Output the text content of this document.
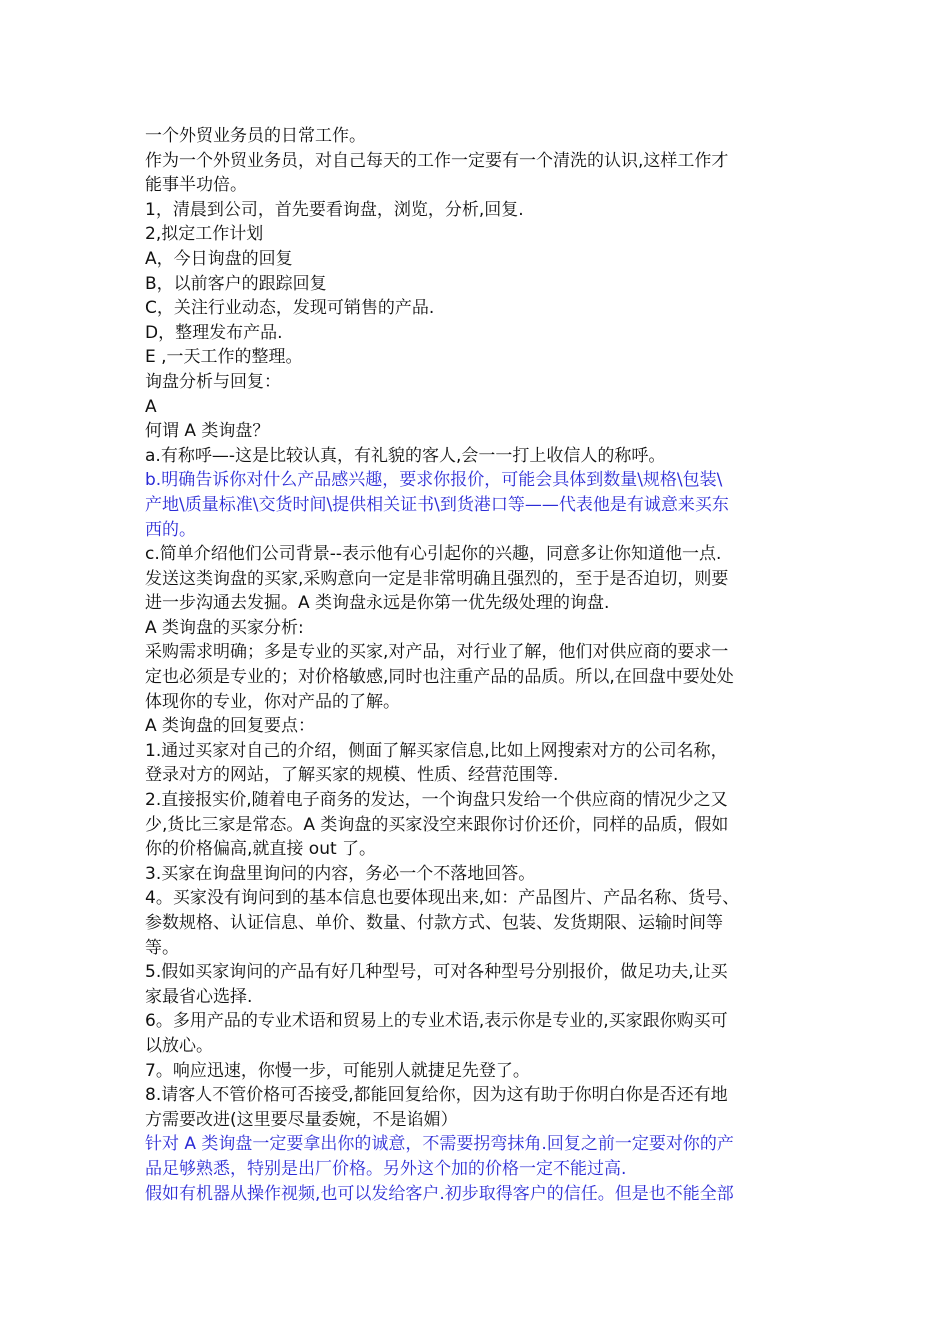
一个外贸业务员的日常工作。

作为一个外贸业务员，对自己每天的工作一定要有一个清洗的认识,这样工作才

能事半功倍。

1，清晨到公司，首先要看询盘，浏览，分析,回复.

2,拟定工作计划

A，今日询盘的回复

B，以前客户的跟踪回复

C，关注行业动态，发现可销售的产品.

D，整理发布产品.

E ,一天工作的整理。

询盘分析与回复：

A

何谓 A 类询盘？

a.有称呼—-这是比较认真，有礼貌的客人,会一一打上收信人的称呼。

b.明确告诉你对什么产品感兴趣，要求你报价，可能会具体到数量\规格\包装\

产地\质量标准\交货时间\提供相关证书\到货港口等——代表他是有诚意来买东

西的。

c.简单介绍他们公司背景--表示他有心引起你的兴趣，同意多让你知道他一点.

发送这类询盘的买家,采购意向一定是非常明确且强烈的，至于是否迫切，则要

进一步沟通去发掘。A 类询盘永远是你第一优先级处理的询盘.

A 类询盘的买家分析:

采购需求明确；多是专业的买家,对产品，对行业了解，他们对供应商的要求一

定也必须是专业的；对价格敏感,同时也注重产品的品质。所以,在回盘中要处处

体现你的专业，你对产品的了解。

A 类询盘的回复要点：

1.通过买家对自己的介绍，侧面了解买家信息,比如上网搜索对方的公司名称，

登录对方的网站，了解买家的规模、性质、经营范围等.

2.直接报实价,随着电子商务的发达，一个询盘只发给一个供应商的情况少之又

少,货比三家是常态。A 类询盘的买家没空来跟你讨价还价，同样的品质，假如

你的价格偏高,就直接 out 了。

3.买家在询盘里询问的内容，务必一个不落地回答。

4。买家没有询问到的基本信息也要体现出来,如：产品图片、产品名称、货号、

参数规格、认证信息、单价、数量、付款方式、包装、发货期限、运输时间等

等。

5.假如买家询问的产品有好几种型号，可对各种型号分别报价，做足功夫,让买

家最省心选择.

6。多用产品的专业术语和贸易上的专业术语,表示你是专业的,买家跟你购买可

以放心。

7。响应迅速，你慢一步，可能别人就捷足先登了。

8.请客人不管价格可否接受,都能回复给你，因为这有助于你明白你是否还有地

方需要改进(这里要尽量委婉，不是谄媚）

针对 A 类询盘一定要拿出你的诚意，不需要拐弯抹角.回复之前一定要对你的产

品足够熟悉，特别是出厂价格。另外这个加的价格一定不能过高.

假如有机器从操作视频,也可以发给客户.初步取得客户的信任。但是也不能全部
